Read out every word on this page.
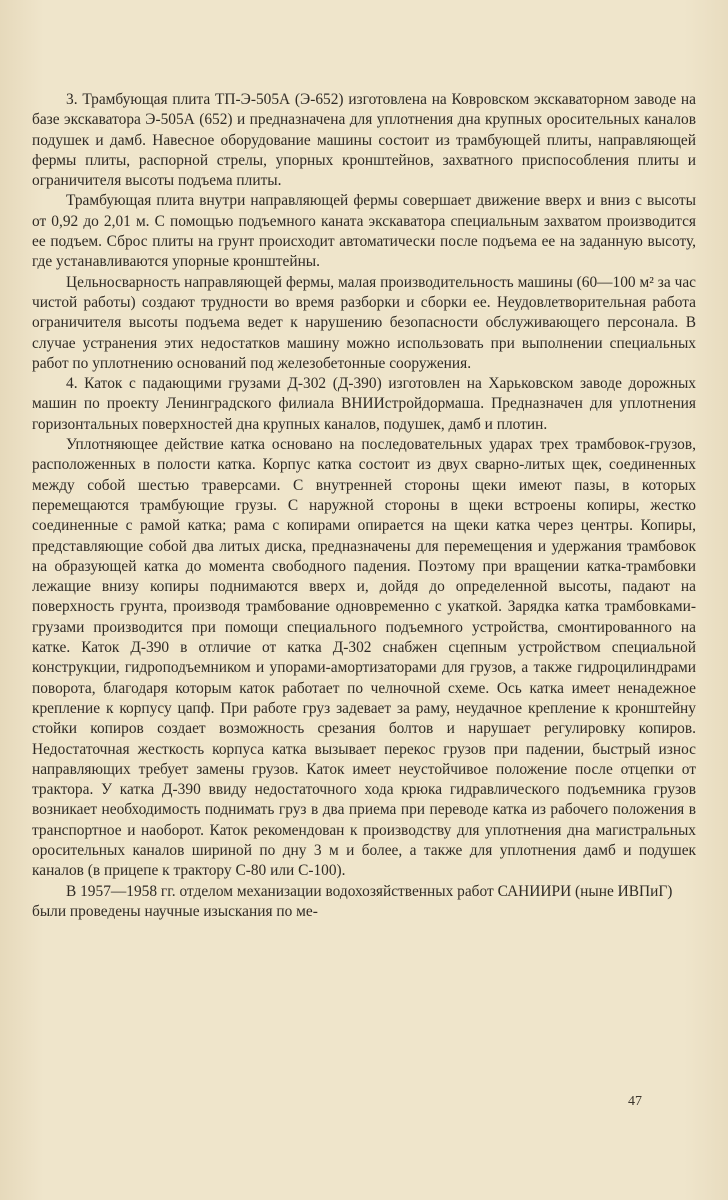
3. Трамбующая плита ТП-Э-505А (Э-652) изготовлена на Ковровском экскаваторном заводе на базе экскаватора Э-505А (652) и предназначена для уплотнения дна крупных оросительных каналов подушек и дамб. Навесное оборудование машины состоит из трамбующей плиты, направляющей фермы плиты, распорной стрелы, упорных кронштейнов, захватного приспособления плиты и ограничителя высоты подъема плиты.

Трамбующая плита внутри направляющей фермы совершает движение вверх и вниз с высоты от 0,92 до 2,01 м. С помощью подъемного каната экскаватора специальным захватом производится ее подъем. Сброс плиты на грунт происходит автоматически после подъема ее на заданную высоту, где устанавливаются упорные кронштейны.

Цельносварность направляющей фермы, малая производительность машины (60—100 м² за час чистой работы) создают трудности во время разборки и сборки ее. Неудовлетворительная работа ограничителя высоты подъема ведет к нарушению безопасности обслуживающего персонала. В случае устранения этих недостатков машину можно использовать при выполнении специальных работ по уплотнению оснований под железобетонные сооружения.

4. Каток с падающими грузами Д-302 (Д-390) изготовлен на Харьковском заводе дорожных машин по проекту Ленинградского филиала ВНИИстройдормаша. Предназначен для уплотнения горизонтальных поверхностей дна крупных каналов, подушек, дамб и плотин.

Уплотняющее действие катка основано на последовательных ударах трех трамбовок-грузов, расположенных в полости катка. Корпус катка состоит из двух сварно-литых щек, соединенных между собой шестью траверсами. С внутренней стороны щеки имеют пазы, в которых перемещаются трамбующие грузы. С наружной стороны в щеки встроены копиры, жестко соединенные с рамой катка; рама с копирами опирается на щеки катка через центры. Копиры, представляющие собой два литых диска, предназначены для перемещения и удержания трамбовок на образующей катка до момента свободного падения. Поэтому при вращении катка-трамбовки лежащие внизу копиры поднимаются вверх и, дойдя до определенной высоты, падают на поверхность грунта, производя трамбование одновременно с укаткой. Зарядка катка трамбовками-грузами производится при помощи специального подъемного устройства, смонтированного на катке. Каток Д-390 в отличие от катка Д-302 снабжен сцепным устройством специальной конструкции, гидроподъемником и упорами-амортизаторами для грузов, а также гидроцилиндрами поворота, благодаря которым каток работает по челночной схеме. Ось катка имеет ненадежное крепление к корпусу цапф. При работе груз задевает за раму, неудачное крепление к кронштейну стойки копиров создает возможность срезания болтов и нарушает регулировку копиров. Недостаточная жесткость корпуса катка вызывает перекос грузов при падении, быстрый износ направляющих требует замены грузов. Каток имеет неустойчивое положение после отцепки от трактора. У катка Д-390 ввиду недостаточного хода крюка гидравлического подъемника грузов возникает необходимость поднимать груз в два приема при переводе катка из рабочего положения в транспортное и наоборот. Каток рекомендован к производству для уплотнения дна магистральных оросительных каналов шириной по дну 3 м и более, а также для уплотнения дамб и подушек каналов (в прицепе к трактору С-80 или С-100).

В 1957—1958 гг. отделом механизации водохозяйственных работ САНИИРИ (ныне ИВПиГ) были проведены научные изыскания по ме-

47
